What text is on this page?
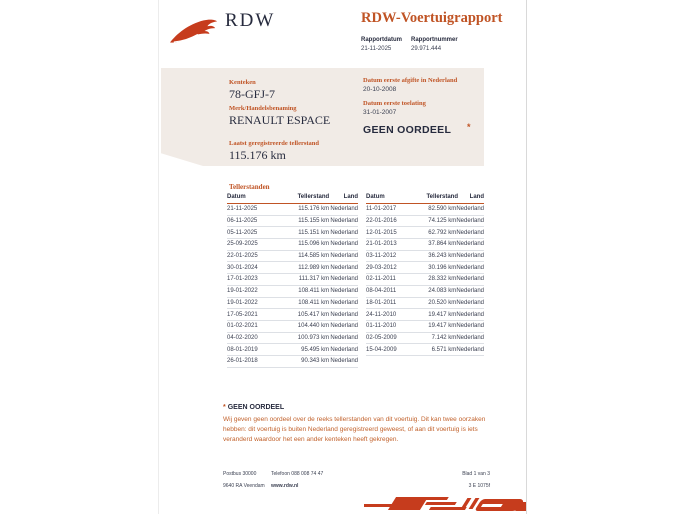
RDW	RDW-Voertuigrapport
Rapportdatum
21-11-2025
Rapportnummer
29.971.444
Kenteken
78-GFJ-7
Merk/Handelsbenaming
RENAULT ESPACE
Laatst geregistreerde tellerstand
115.176 km
Datum eerste afgifte in Nederland
20-10-2008
Datum eerste toelating
31-01-2007
GEEN OORDEEL *
Tellerstanden
Datum	Tellerstand	Land
21-11-2025	115.176 km Nederland
06-11-2025	115.155 km Nederland
05-11-2025	115.151 km Nederland
25-09-2025	115.096 km Nederland
22-01-2025	114.585 km Nederland
30-01-2024	112.989 km Nederland
17-01-2023	111.317 km Nederland
19-01-2022	108.411 km Nederland
19-01-2022	108.411 km Nederland
17-05-2021	105.417 km Nederland
01-02-2021	104.440 km Nederland
04-02-2020	100.973 km Nederland
08-01-2019	95.495 km Nederland
26-01-2018	90.343 km Nederland
Datum	Tellerstand	Land
11-01-2017	82.590 km Nederland
22-01-2016	74.125 km Nederland
12-01-2015	62.792 km Nederland
21-01-2013	37.864 km Nederland
03-11-2012	36.243 km Nederland
29-03-2012	30.196 km Nederland
02-11-2011	28.332 km Nederland
08-04-2011	24.083 km Nederland
18-01-2011	20.520 km Nederland
24-11-2010	19.417 km Nederland
01-11-2010	19.417 km Nederland
02-05-2009	7.142 km Nederland
15-04-2009	6.571 km Nederland
* GEEN OORDEEL
Wij geven geen oordeel over de reeks tellerstanden van dit voertuig. Dit kan twee oorzaken hebben: dit voertuig is buiten Nederland geregistreerd geweest, of aan dit voertuig is iets veranderd waardoor het een ander kenteken heeft gekregen.
Postbus 30000
9640 RA Veendam
Telefoon 088 008 74 47
www.rdw.nl
Blad 1 van 3
3 E 1075f
